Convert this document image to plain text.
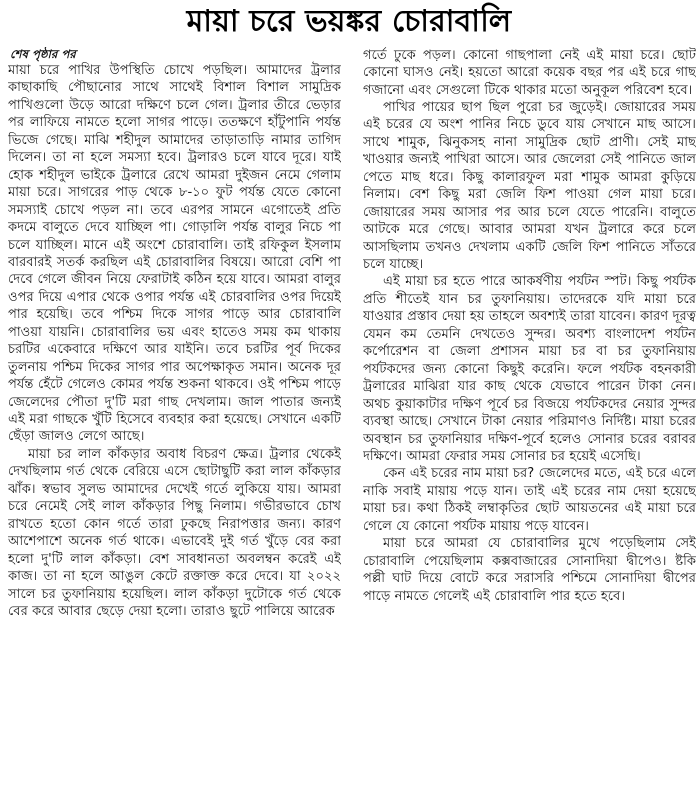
মায়া চরে ভয়ঙ্কর চোরাবালি
শেষ পৃষ্ঠার পর

মায়া চরে পাখির উপস্থিতি চোখে পড়ছিল। আমাদের ট্রলার কাছাকাছি পৌছানোর সাথে সাথেই বিশাল বিশাল সামুদ্রিক পাখিগুলো উড়ে আরো দক্ষিণে চলে গেল। ট্রলার তীরে ভেড়ার পর লাফিয়ে নামতে হলো সাগর পাড়ে। ততক্ষণে হাঁটুপানি পর্যন্ত ভিজে গেছে। মাঝি শহীদুল আমাদের তাড়াতাড়ি নামার তাগিদ দিলেন। তা না হলে সমস্যা হবে। ট্রলারও চলে যাবে দূরে। যাই হোক শহীদুল ভাইকে ট্রলারে রেখে আমরা দুইজন নেমে গেলাম মায়া চরে। সাগরের পাড় থেকে ৮-১০ ফুট পর্যন্ত যেতে কোনো সমস্যাই চোখে পড়ল না। তবে এরপর সামনে এগোতেই প্রতি কদমে বালুতে দেবে যাচ্ছিল পা। গোড়ালি পর্যন্ত বালুর নিচে পা চলে যাচ্ছিল। মানে এই অংশে চোরাবালি। তাই রফিকুল ইসলাম বারবারই সতর্ক করছিল এই চোরাবালির বিষয়ে। আরো বেশি পা দেবে গেলে জীবন নিয়ে ফেরাটাই কঠিন হয়ে যাবে। আমরা বালুর ওপর দিয়ে এপার থেকে ওপার পর্যন্ত এই চোরবালির ওপর দিয়েই পার হয়েছি। তবে পশ্চিম দিকে সাগর পাড়ে আর চোরাবালি পাওয়া যায়নি। চোরাবালির ভয় এবং হাতেও সময় কম থাকায় চরটির একেবারে দক্ষিণে আর যাইনি। তবে চরটির পূর্ব দিকের তুলনায় পশ্চিম দিকের সাগর পার অপেক্ষাকৃত সমান। অনেক দূর পর্যন্ত হেঁটে গেলেও কোমর পর্যন্ত শুকনা থাকবে। ওই পশ্চিম পাড়ে জেলেদের পৌতা দু'টি মরা গাছ দেখলাম। জাল পাতার জন্যই এই মরা গাছকে খুঁটি হিসেবে ব্যবহার করা হয়েছে। সেখানে একটি ছেঁড়া জালও লেগে আছে।

মায়া চর লাল কাঁকড়ার অবাধ বিচরণ ক্ষেত্র। ট্রলার থেকেই দেখছিলাম গর্ত থেকে বেরিয়ে এসে ছোটাছুটি করা লাল কাঁকড়ার ঝাঁক। স্বভাব সুলভ আমাদের দেখেই গর্তে লুকিয়ে যায়। আমরা চরে নেমেই সেই লাল কাঁকড়ার পিছু নিলাম। গভীরভাবে চোখ রাখতে হতো কোন গর্তে তারা ঢুকছে নিরাপত্তার জন্য। কারণ আশেপাশে অনেক গর্ত থাকে। এভাবেই দুই গর্ত খুঁড়ে বের করা হলো দু'টি লাল কাঁকড়া। বেশ সাবধানতা অবলম্বন করেই এই কাজ। তা না হলে আঙুল কেটে রক্তাক্ত করে দেবে। যা ২০২২ সালে চর তুফানিয়ায় হয়েছিল। লাল কাঁকড়া দুটোকে গর্ত থেকে বের করে আবার ছেড়ে দেয়া হলো। তারাও ছুটে পালিয়ে আরেক

গর্তে ঢুকে পড়ল। কোনো গাছপালা নেই এই মায়া চরে। ছোট কোনো ঘাসও নেই। হয়তো আরো কয়েক বছর পর এই চরে গাছ গজানো এবং সেগুলো টিকে থাকার মতো অনুকূল পরিবেশ হবে।

পাখির পায়ের ছাপ ছিল পুরো চর জুড়েই। জোয়ারের সময় এই চরের যে অংশ পানির নিচে ডুবে যায় সেখানে মাছ আসে। সাথে শামুক, ঝিনুকসহ নানা সামুদ্রিক ছোট প্রাণী। সেই মাছ খাওয়ার জন্যই পাখিরা আসে। আর জেলেরা সেই পানিতে জাল পেতে মাছ ধরে। কিছু কালারফুল মরা শামুক আমরা কুড়িয়ে নিলাম। বেশ কিছু মরা জেলি ফিশ পাওয়া গেল মায়া চরে। জোয়ারের সময় আসার পর আর চলে যেতে পারেনি। বালুতে আটকে মরে গেছে। আবার আমরা যখন ট্রলারে করে চলে আসছিলাম তখনও দেখলাম একটি জেলি ফিশ পানিতে সাঁতরে চলে যাচ্ছে।

এই মায়া চর হতে পারে আকর্ষণীয় পর্যটন স্পট। কিছু পর্যটক প্রতি শীতেই যান চর তুফানিয়ায়। তাদেরকে যদি মায়া চরে যাওয়ার প্রস্তাব দেয়া হয় তাহলে অবশ্যই তারা যাবেন। কারণ দূরত্ব যেমন কম তেমনি দেখতেও সুন্দর। অবশ্য বাংলাদেশ পর্যটন কর্পোরেশন বা জেলা প্রশাসন মায়া চর বা চর তুফানিয়ায় পর্যটকদের জন্য কোনো কিছুই করেনি। ফলে পর্যটক বহনকারী ট্রলারের মাঝিরা যার কাছ থেকে যেভাবে পারেন টাকা নেন। অথচ কুয়াকাটার দক্ষিণ পূর্বে চর বিজয়ে পর্যটকদের নেয়ার সুন্দর ব্যবস্থা আছে। সেখানে টাকা নেয়ার পরিমাণও নির্দিষ্ট। মায়া চরের অবস্থান চর তুফানিয়ার দক্ষিণ-পূর্বে হলেও সোনার চরের বরাবর দক্ষিণে। আমরা ফেরার সময় সোনার চর হয়েই এসেছি।

কেন এই চরের নাম মায়া চর? জেলেদের মতে, এই চরে এলে নাকি সবাই মায়ায় পড়ে যান। তাই এই চরের নাম দেয়া হয়েছে মায়া চর। কথা ঠিকই লম্বাকৃতির ছোট আয়তনের এই মায়া চরে গেলে যে কোনো পর্যটক মায়ায় পড়ে যাবেন।

মায়া চরে আমরা যে চোরাবালির মুখে পড়েছিলাম সেই চোরাবালি পেয়েছিলাম কক্সবাজারের সোনাদিয়া দ্বীপেও। ষ্টকি পল্লী ঘাট দিয়ে বোটে করে সরাসরি পশ্চিমে সোনাদিয়া দ্বীপের পাড়ে নামতে গেলেই এই চোরাবালি পার হতে হবে।
